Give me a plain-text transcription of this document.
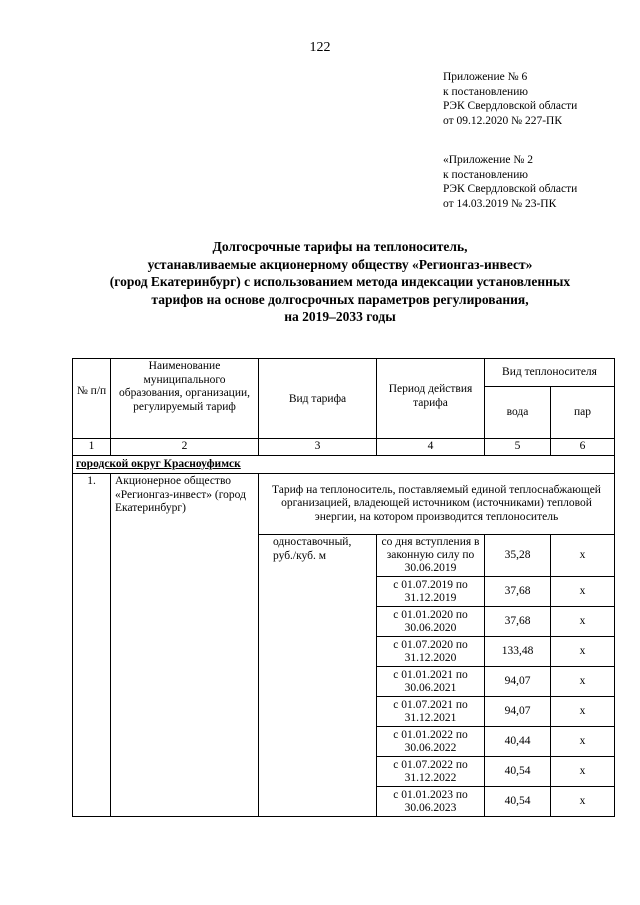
122
Приложение № 6
к постановлению
РЭК Свердловской области
от 09.12.2020 № 227-ПК
«Приложение № 2
к постановлению
РЭК Свердловской области
от 14.03.2019 № 23-ПК
Долгосрочные тарифы на теплоноситель,
устанавливаемые акционерному обществу «Регионгаз-инвест»
(город Екатеринбург) с использованием метода индексации установленных
тарифов на основе долгосрочных параметров регулирования,
на 2019–2033 годы
№ п/п	Наименование муниципального образования, организации, регулируемый тариф	Вид тарифа	Период действия тарифа	Вид теплоносителя	
				вода	пар
1	2	3	4	5	6
городской округ Красноуфимск					
1.	Акционерное общество «Регионгаз-инвест» (город Екатеринбург)	Тариф на теплоноситель, поставляемый единой теплоснабжающей организацией, владеющей источником (источниками) тепловой энергии, на котором производится теплоноситель			
		одноставочный, руб./куб. м	со дня вступления в законную силу по 30.06.2019	35,28	х
			с 01.07.2019 по 31.12.2019	37,68	х
			с 01.01.2020 по 30.06.2020	37,68	х
			с 01.07.2020 по 31.12.2020	133,48	х
			с 01.01.2021 по 30.06.2021	94,07	х
			с 01.07.2021 по 31.12.2021	94,07	х
			с 01.01.2022 по 30.06.2022	40,44	х
			с 01.07.2022 по 31.12.2022	40,54	х
			с 01.01.2023 по 30.06.2023	40,54	х
